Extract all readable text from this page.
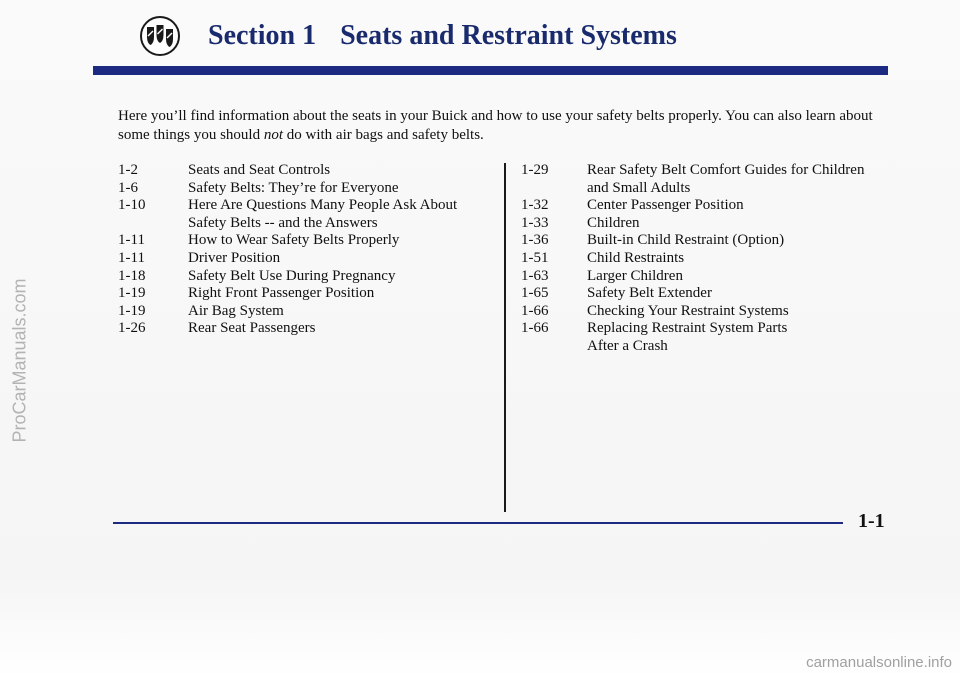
Section 1 Seats and Restraint Systems

Here you’ll find information about the seats in your Buick and how to use your safety belts properly. You can also learn about some things you should not do with air bags and safety belts.

1-2	Seats and Seat Controls
1-6	Safety Belts: They’re for Everyone
1-10	Here Are Questions Many People Ask About
Safety Belts -- and the Answers
1-11	How to Wear Safety Belts Properly
1-11	Driver Position
1-18	Safety Belt Use During Pregnancy
1-19	Right Front Passenger Position
1-19	Air Bag System
1-26	Rear Seat Passengers
1-29	Rear Safety Belt Comfort Guides for Children
and Small Adults
1-32	Center Passenger Position
1-33	Children
1-36	Built-in Child Restraint (Option)
1-51	Child Restraints
1-63	Larger Children
1-65	Safety Belt Extender
1-66	Checking Your Restraint Systems
1-66	Replacing Restraint System Parts
After a Crash
1-1
ProCarManuals.com
carmanualsonline.info
